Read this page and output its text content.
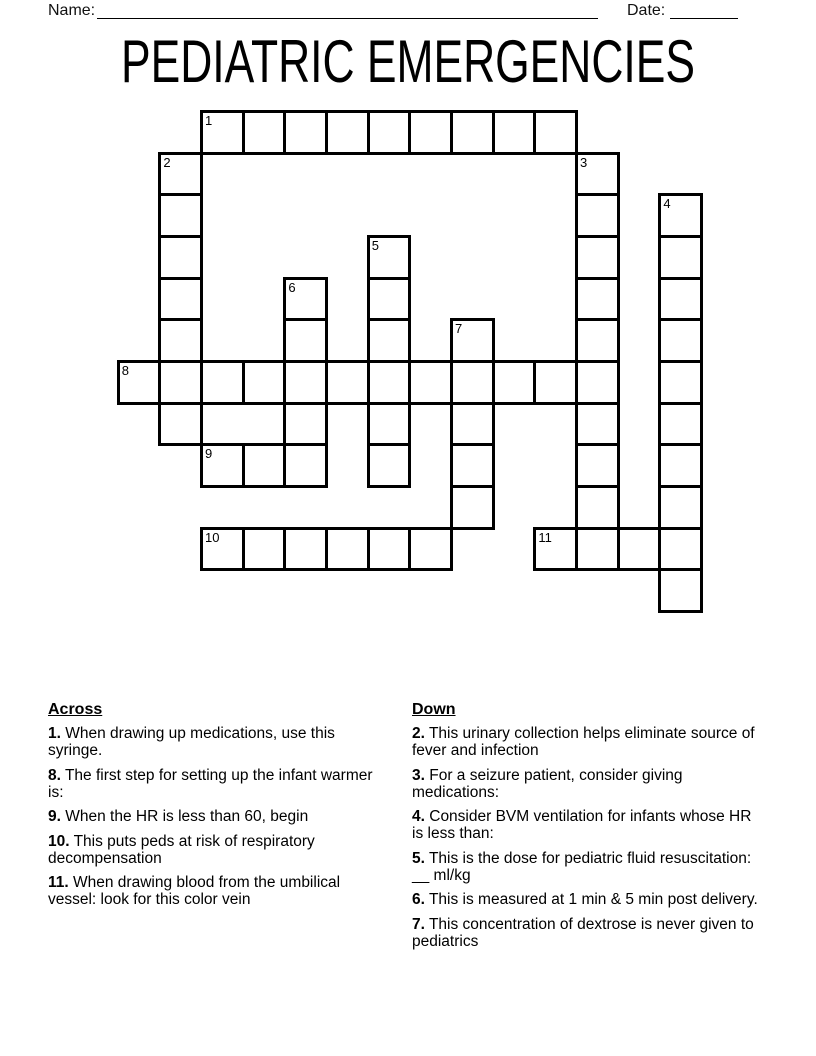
Name:	Date:
PEDIATRIC EMERGENCIES
1
2	3
4
5
6
7
8
9
10	11
Across

1. When drawing up medications, use this syringe.

8. The first step for setting up the infant warmer is:

9. When the HR is less than 60, begin

10. This puts peds at risk of respiratory decompensation

11. When drawing blood from the umbilical vessel: look for this color vein

Down

2. This urinary collection helps eliminate source of fever and infection

3. For a seizure patient, consider giving medications:

4. Consider BVM ventilation for infants whose HR is less than:

5. This is the dose for pediatric fluid resuscitation: __ ml/kg

6. This is measured at 1 min & 5 min post delivery.

7. This concentration of dextrose is never given to pediatrics
